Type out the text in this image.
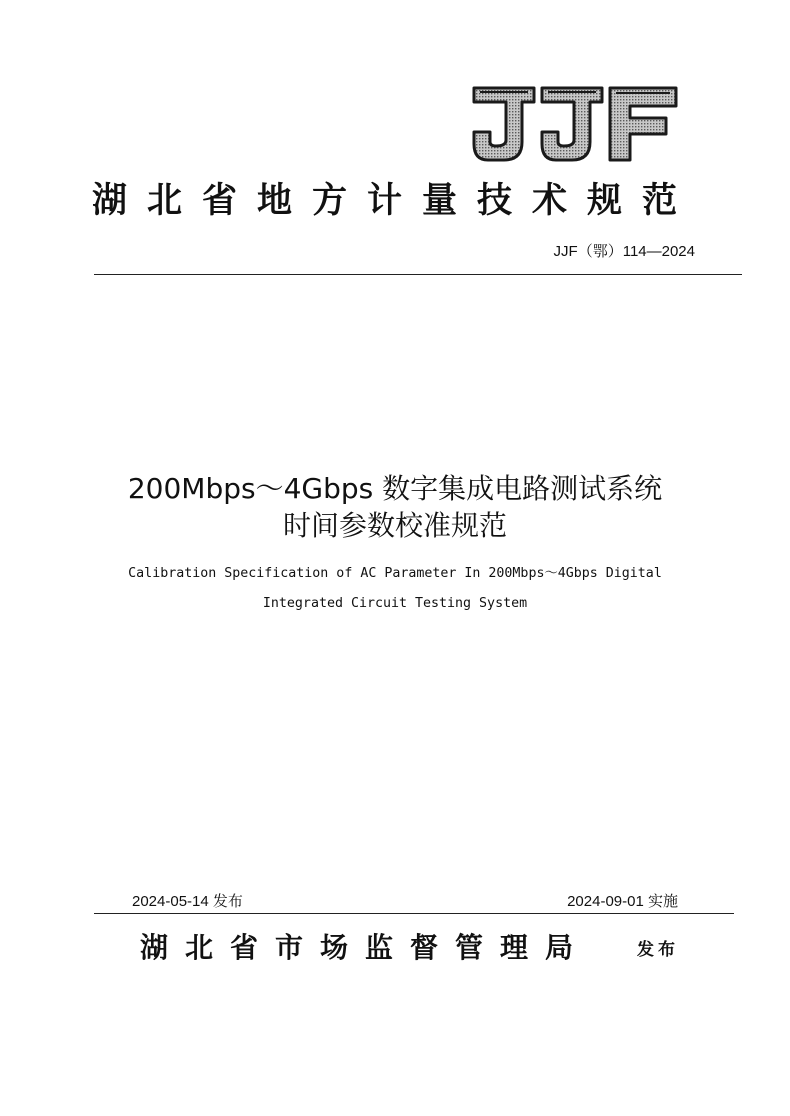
湖北省地方计量技术规范
JJF（鄂）114—2024
200Mbps～4Gbps 数字集成电路测试系统
时间参数校准规范
Calibration Specification of AC Parameter In 200Mbps～4Gbps Digital
Integrated Circuit Testing System
2024-05-14 发布	2024-09-01 实施
湖北省市场监督管理局	发布
